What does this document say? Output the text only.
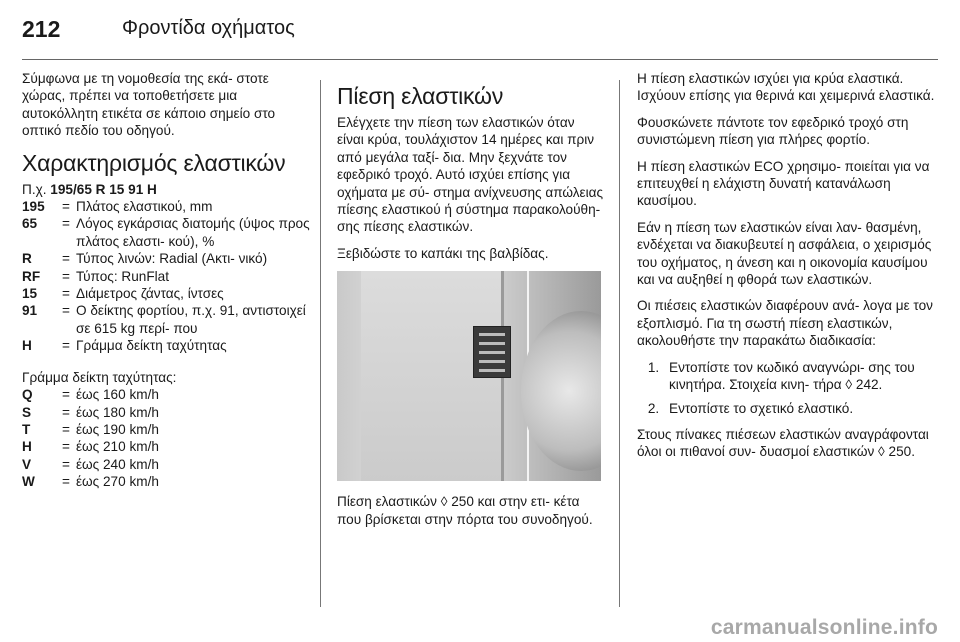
212	Φροντίδα οχήματος

Σύμφωνα με τη νομοθεσία της εκά- στοτε χώρας, πρέπει να τοποθετήσετε μια αυτοκόλλητη ετικέτα σε κάποιο σημείο στο οπτικό πεδίο του οδηγού.

Χαρακτηρισμός ελαστικών

Π.χ. 195/65 R 15 91 H

195	= Πλάτος ελαστικού, mm
65	= Λόγος εγκάρσιας διατομής (ύψος προς πλάτος ελαστι- κού), %
R	= Τύπος λινών: Radial (Ακτι- νικό)
RF	= Τύπος: RunFlat
15	= Διάμετρος ζάντας, ίντσες
91	= Ο δείκτης φορτίου, π.χ. 91, αντιστοιχεί σε 615 kg περί- που
H	= Γράμμα δείκτη ταχύτητας

Γράμμα δείκτη ταχύτητας:

Q	= έως 160 km/h
S	= έως 180 km/h
T	= έως 190 km/h
H	= έως 210 km/h
V	= έως 240 km/h
W	= έως 270 km/h
Πίεση ελαστικών

Ελέγχετε την πίεση των ελαστικών όταν είναι κρύα, τουλάχιστον 14 ημέρες και πριν από μεγάλα ταξί- δια. Μην ξεχνάτε τον εφεδρικό τροχό. Αυτό ισχύει επίσης για οχήματα με σύ- στημα ανίχνευσης απώλειας πίεσης ελαστικού ή σύστημα παρακολούθη- σης πίεσης ελαστικών.

Ξεβιδώστε το καπάκι της βαλβίδας.

Πίεση ελαστικών ◊ 250 και στην ετι- κέτα που βρίσκεται στην πόρτα του συνοδηγού.

Η πίεση ελαστικών ισχύει για κρύα ελαστικά. Ισχύουν επίσης για θερινά και χειμερινά ελαστικά.

Φουσκώνετε πάντοτε τον εφεδρικό τροχό στη συνιστώμενη πίεση για πλήρες φορτίο.

Η πίεση ελαστικών ECO χρησιμο- ποιείται για να επιτευχθεί η ελάχιστη δυνατή κατανάλωση καυσίμου.

Εάν η πίεση των ελαστικών είναι λαν- θασμένη, ενδέχεται να διακυβευτεί η ασφάλεια, ο χειρισμός του οχήματος, η άνεση και η οικονομία καυσίμου και να αυξηθεί η φθορά των ελαστικών.

Οι πιέσεις ελαστικών διαφέρουν ανά- λογα με τον εξοπλισμό. Για τη σωστή πίεση ελαστικών, ακολουθήστε την παρακάτω διαδικασία:

1. Εντοπίστε τον κωδικό αναγνώρι- σης του κινητήρα. Στοιχεία κινη- τήρα ◊ 242.
2. Εντοπίστε το σχετικό ελαστικό.

Στους πίνακες πιέσεων ελαστικών αναγράφονται όλοι οι πιθανοί συν- δυασμοί ελαστικών ◊ 250.

carmanualsonline.info
